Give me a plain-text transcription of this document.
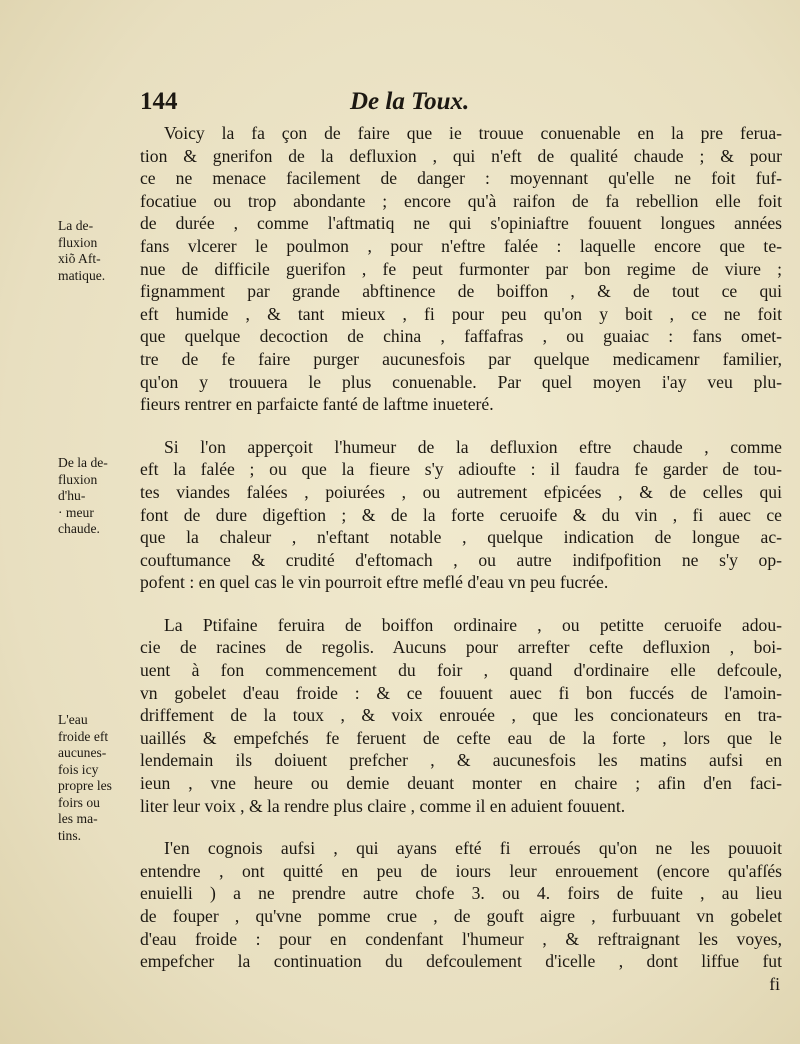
144	De la Toux.
Voicy la fa çon de faire que ie trouue conuenable en la pre ferua-
tion & gnerifon de la defluxion , qui n'eft de qualité chaude ; & pour
ce ne menace facilement de danger : moyennant qu'elle ne foit fuf-
focatiue ou trop abondante ; encore qu'à raifon de fa rebellion elle foit
de durée , comme l'aftmatiq ne qui s'opiniaftre fouuent longues années
fans vlcerer le poulmon , pour n'eftre falée : laquelle encore que te-
nue de difficile guerifon , fe peut furmonter par bon regime de viure ;
fignamment par grande abftinence de boiffon , & de tout ce qui
eft humide , & tant mieux , fi pour peu qu'on y boit , ce ne foit
que quelque decoction de china , faffafras , ou guaiac : fans omet-
tre de fe faire purger aucunesfois par quelque medicamenr familier,
qu'on y trouuera le plus conuenable. Par quel moyen i'ay veu plu-
fieurs rentrer en parfaicte fanté de laftme inueteré.
Si l'on apperçoit l'humeur de la defluxion eftre chaude , comme
eft la falée ; ou que la fieure s'y adioufte : il faudra fe garder de tou-
tes viandes falées , poiurées , ou autrement efpicées , & de celles qui
font de dure digeftion ; & de la forte ceruoife & du vin , fi auec ce
que la chaleur , n'eftant notable , quelque indication de longue ac-
couftumance & crudité d'eftomach , ou autre indifpofition ne s'y op-
pofent : en quel cas le vin pourroit eftre meflé d'eau vn peu fucrée.
La Ptifaine feruira de boiffon ordinaire , ou petitte ceruoife adou-
cie de racines de regolis. Aucuns pour arrefter cefte defluxion , boi-
uent à fon commencement du foir , quand d'ordinaire elle defcoule,
vn gobelet d'eau froide : & ce fouuent auec fi bon fuccés de l'amoin-
driffement de la toux , & voix enrouée , que les concionateurs en tra-
uaillés & empefchés fe feruent de cefte eau de la forte , lors que le
lendemain ils doiuent prefcher , & aucunesfois les matins aufsi en
ieun , vne heure ou demie deuant monter en chaire ; afin d'en faci-
liter leur voix , & la rendre plus claire , comme il en aduient fouuent.
I'en cognois aufsi , qui ayans efté fi erroués qu'on ne les pouuoit
entendre , ont quitté en peu de iours leur enrouement (encore qu'afſés
enuielli ) a ne prendre autre chofe 3. ou 4. foirs de fuite , au lieu
de fouper , qu'vne pomme crue , de gouft aigre , furbuuant vn gobelet
d'eau froide : pour en condenfant l'humeur , & reftraignant les voyes,
empefcher la continuation du defcoulement d'icelle , dont liffue fut
fi
La de-
fluxion
xiõ Aft-
matique.
De la de-
fluxion
d'hu-
· meur
chaude.
L'eau
froide eft
aucunes-
fois icy
propre les
foirs ou
les ma-
tins.
